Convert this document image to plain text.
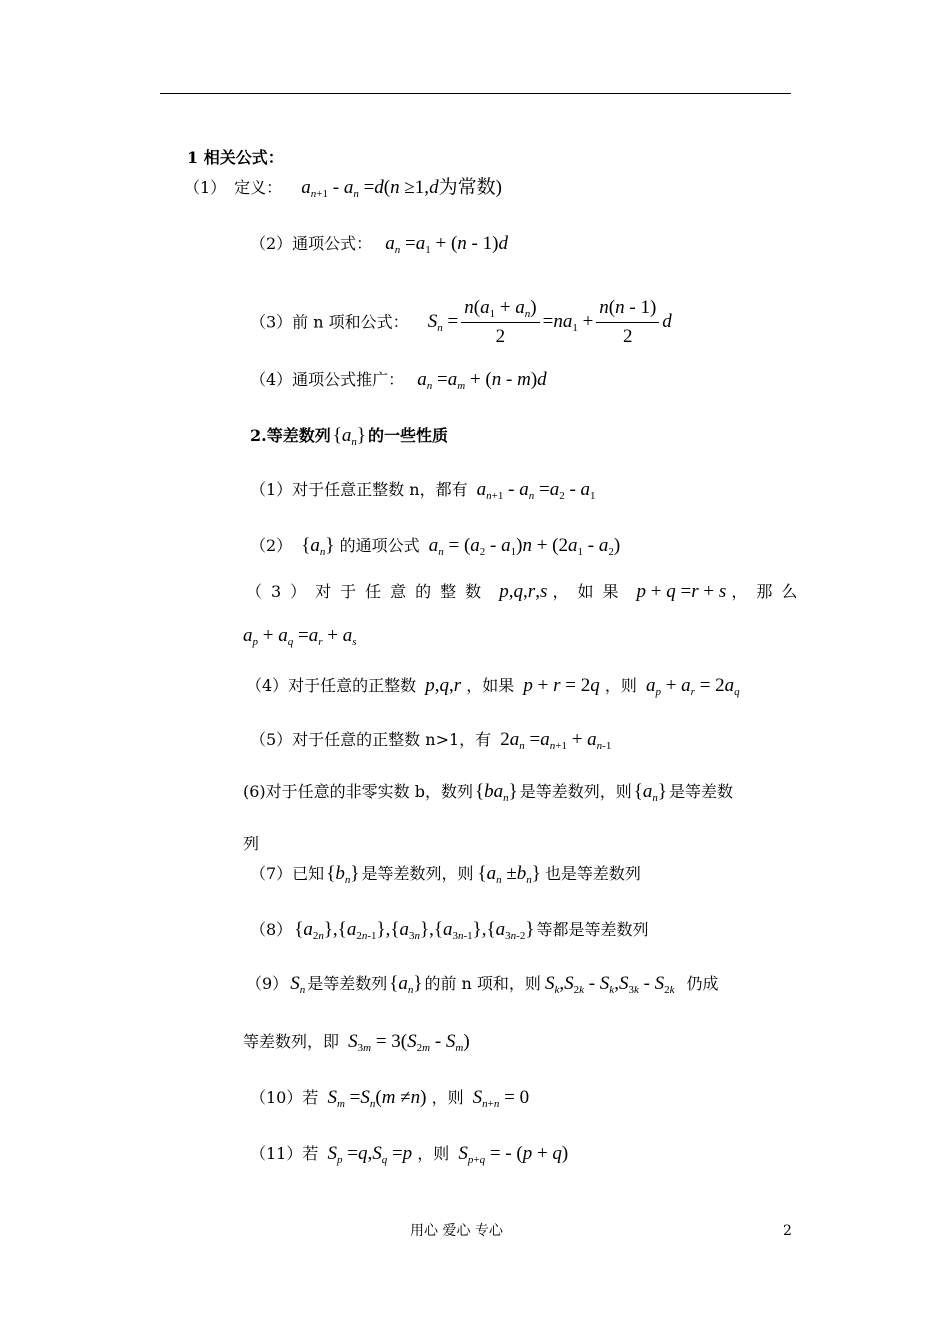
1 相关公式：
（1）　定义： $a_{n+1} - a_n =d(n \ge 1,d$为常数)
（2）通项公式： $a_n =a_1 + (n - 1)d$
（3）前 n 项和公式： $S_n = \frac{n(a_1 + a_n)}{2} =na_1 + \frac{n(n - 1)}{2}$ d
（4）通项公式推广： $a_n =a_m + (n - m)d$
2.等差数列 $\{a_n\}$ 的一些性质
（1）对于任意正整数 n，都有 $a_{n+1} - a_n =a_2 - a_1$
（2） $\{a_n\}$ 的通项公式 $a_n = (a_2 - a_1)n + (2a_1 - a_2)$
（3）对于任意的整数 p,q,r,s ，如果 p + q =r + s ，那么
$a_p + a_q =a_r + a_s$
（4）对于任意的正整数 p,q,r ，如果 p + r = 2q ，则 $a_p + a_r = 2a_q$
（5）对于任意的正整数 n>1，有 $2a_n =a_{n+1} + a_{n-1}$
(6)对于任意的非零实数 b，数列 $\{ba_n\}$ 是等差数列，则 $\{a_n\}$ 是等差数
列
（7）已知 $\{b_n\}$ 是等差数列，则 $\{a_n \pm b_n\}$ 也是等差数列
（8） $\{a_{2n}\},\{a_{2n-1}\},\{a_{3n}\},\{a_{3n-1}\},\{a_{3n-2}\}$ 等都是等差数列
（9） $S_n$ 是等差数列 $\{a_n\}$ 的前 n 项和，则 $S_k,S_{2k} - S_k,S_{3k} - S_{2k}$ 仍成
等差数列，即 $S_{3m} = 3(S_{2m} - S_m)$
（10）若 $S_m =S_n(m \ne n)$ ，则 $S_{n+n} = 0$
（11）若 $S_p =q,S_q =p$ ，则 $S_{p+q}$ = - (p + q)
用心 爱心 专心	2
